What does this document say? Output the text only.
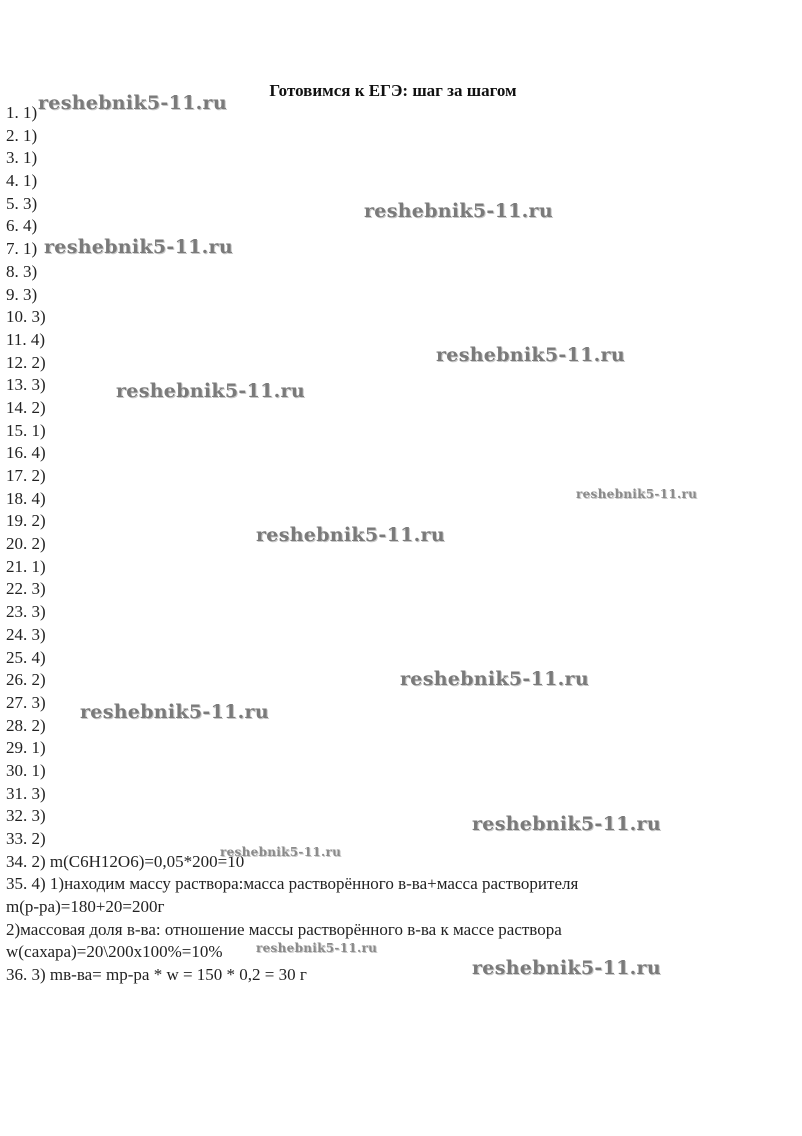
Готовимся к ЕГЭ: шаг за шагом
1. 1)
2. 1)
3. 1)
4. 1)
5. 3)
6. 4)
7. 1)
8. 3)
9. 3)
10. 3)
11. 4)
12. 2)
13. 3)
14. 2)
15. 1)
16. 4)
17. 2)
18. 4)
19. 2)
20. 2)
21. 1)
22. 3)
23. 3)
24. 3)
25. 4)
26. 2)
27. 3)
28. 2)
29. 1)
30. 1)
31. 3)
32. 3)
33. 2)
34. 2) m(C6H12O6)=0,05*200=10
35. 4) 1)находим массу раствора:масса растворённого в-ва+масса растворителя
m(р-ра)=180+20=200г
2)массовая доля в-ва: отношение массы растворённого в-ва к массе раствора
w(сахара)=20\200х100%=10%
36. 3) mв-ва= mр-ра * w = 150 * 0,2 = 30 г
reshebnik5-11.ru
reshebnik5-11.ru
reshebnik5-11.ru
reshebnik5-11.ru
reshebnik5-11.ru
reshebnik5-11.ru
reshebnik5-11.ru
reshebnik5-11.ru
reshebnik5-11.ru
reshebnik5-11.ru
reshebnik5-11.ru
reshebnik5-11.ru
reshebnik5-11.ru
